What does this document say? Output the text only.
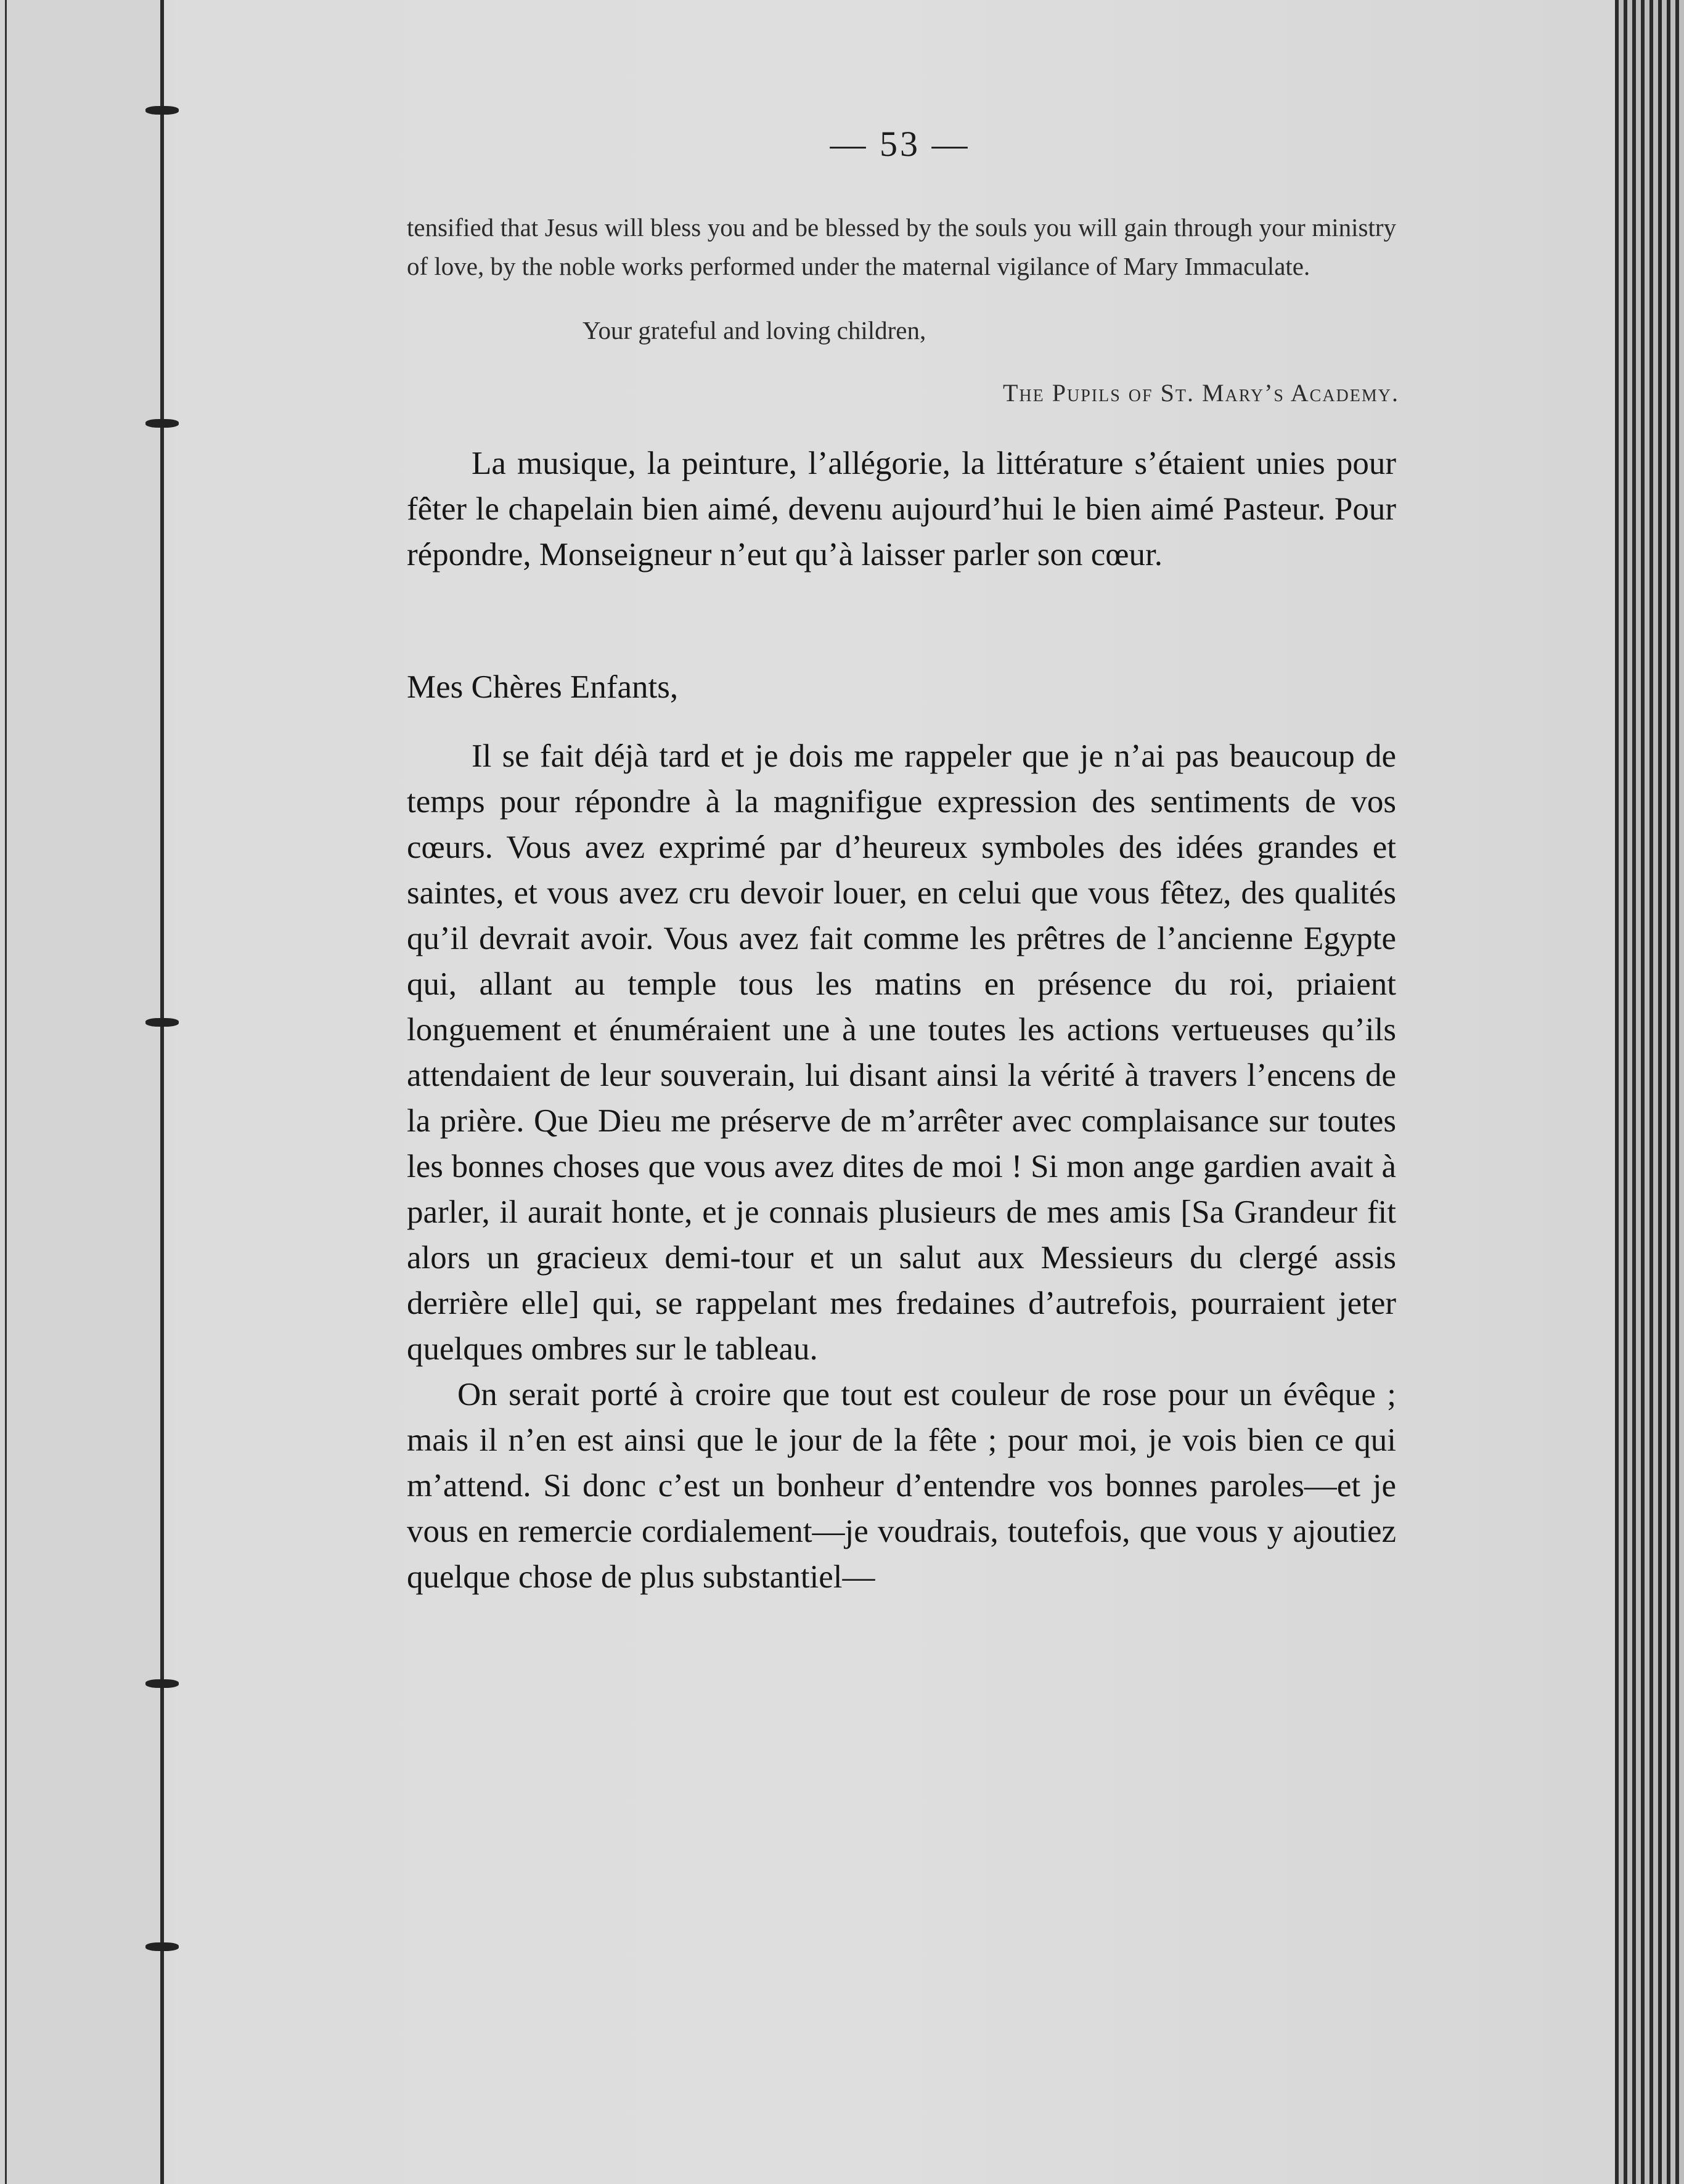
— 53 —
tensified that Jesus will bless you and be blessed by the souls you will gain through your ministry of love, by the noble works performed under the maternal vigilance of Mary Immaculate.
Your grateful and loving children,
The Pupils of St. Mary’s Academy.

La musique, la peinture, l’allégorie, la littérature s’étaient unies pour fêter le chapelain bien aimé, devenu aujourd’hui le bien aimé Pasteur. Pour répondre, Monseigneur n’eut qu’à laisser parler son cœur.

Mes Chères Enfants,

Il se fait déjà tard et je dois me rappeler que je n’ai pas beaucoup de temps pour répondre à la magnifigue expression des sentiments de vos cœurs. Vous avez exprimé par d’heureux symboles des idées grandes et saintes, et vous avez cru devoir louer, en celui que vous fêtez, des qualités qu’il devrait avoir. Vous avez fait comme les prêtres de l’ancienne Egypte qui, allant au temple tous les matins en présence du roi, priaient longuement et énuméraient une à une toutes les actions vertueuses qu’ils attendaient de leur souverain, lui disant ainsi la vérité à travers l’encens de la prière. Que Dieu me préserve de m’arrêter avec complaisance sur toutes les bonnes choses que vous avez dites de moi ! Si mon ange gardien avait à parler, il aurait honte, et je connais plusieurs de mes amis [Sa Grandeur fit alors un gracieux demi-tour et un salut aux Messieurs du clergé assis derrière elle] qui, se rappelant mes fredaines d’autrefois, pourraient jeter quelques ombres sur le tableau.

On serait porté à croire que tout est couleur de rose pour un évêque ; mais il n’en est ainsi que le jour de la fête ; pour moi, je vois bien ce qui m’attend. Si donc c’est un bonheur d’entendre vos bonnes paroles—et je vous en remercie cordialement—je voudrais, toutefois, que vous y ajoutiez quelque chose de plus substantiel—
